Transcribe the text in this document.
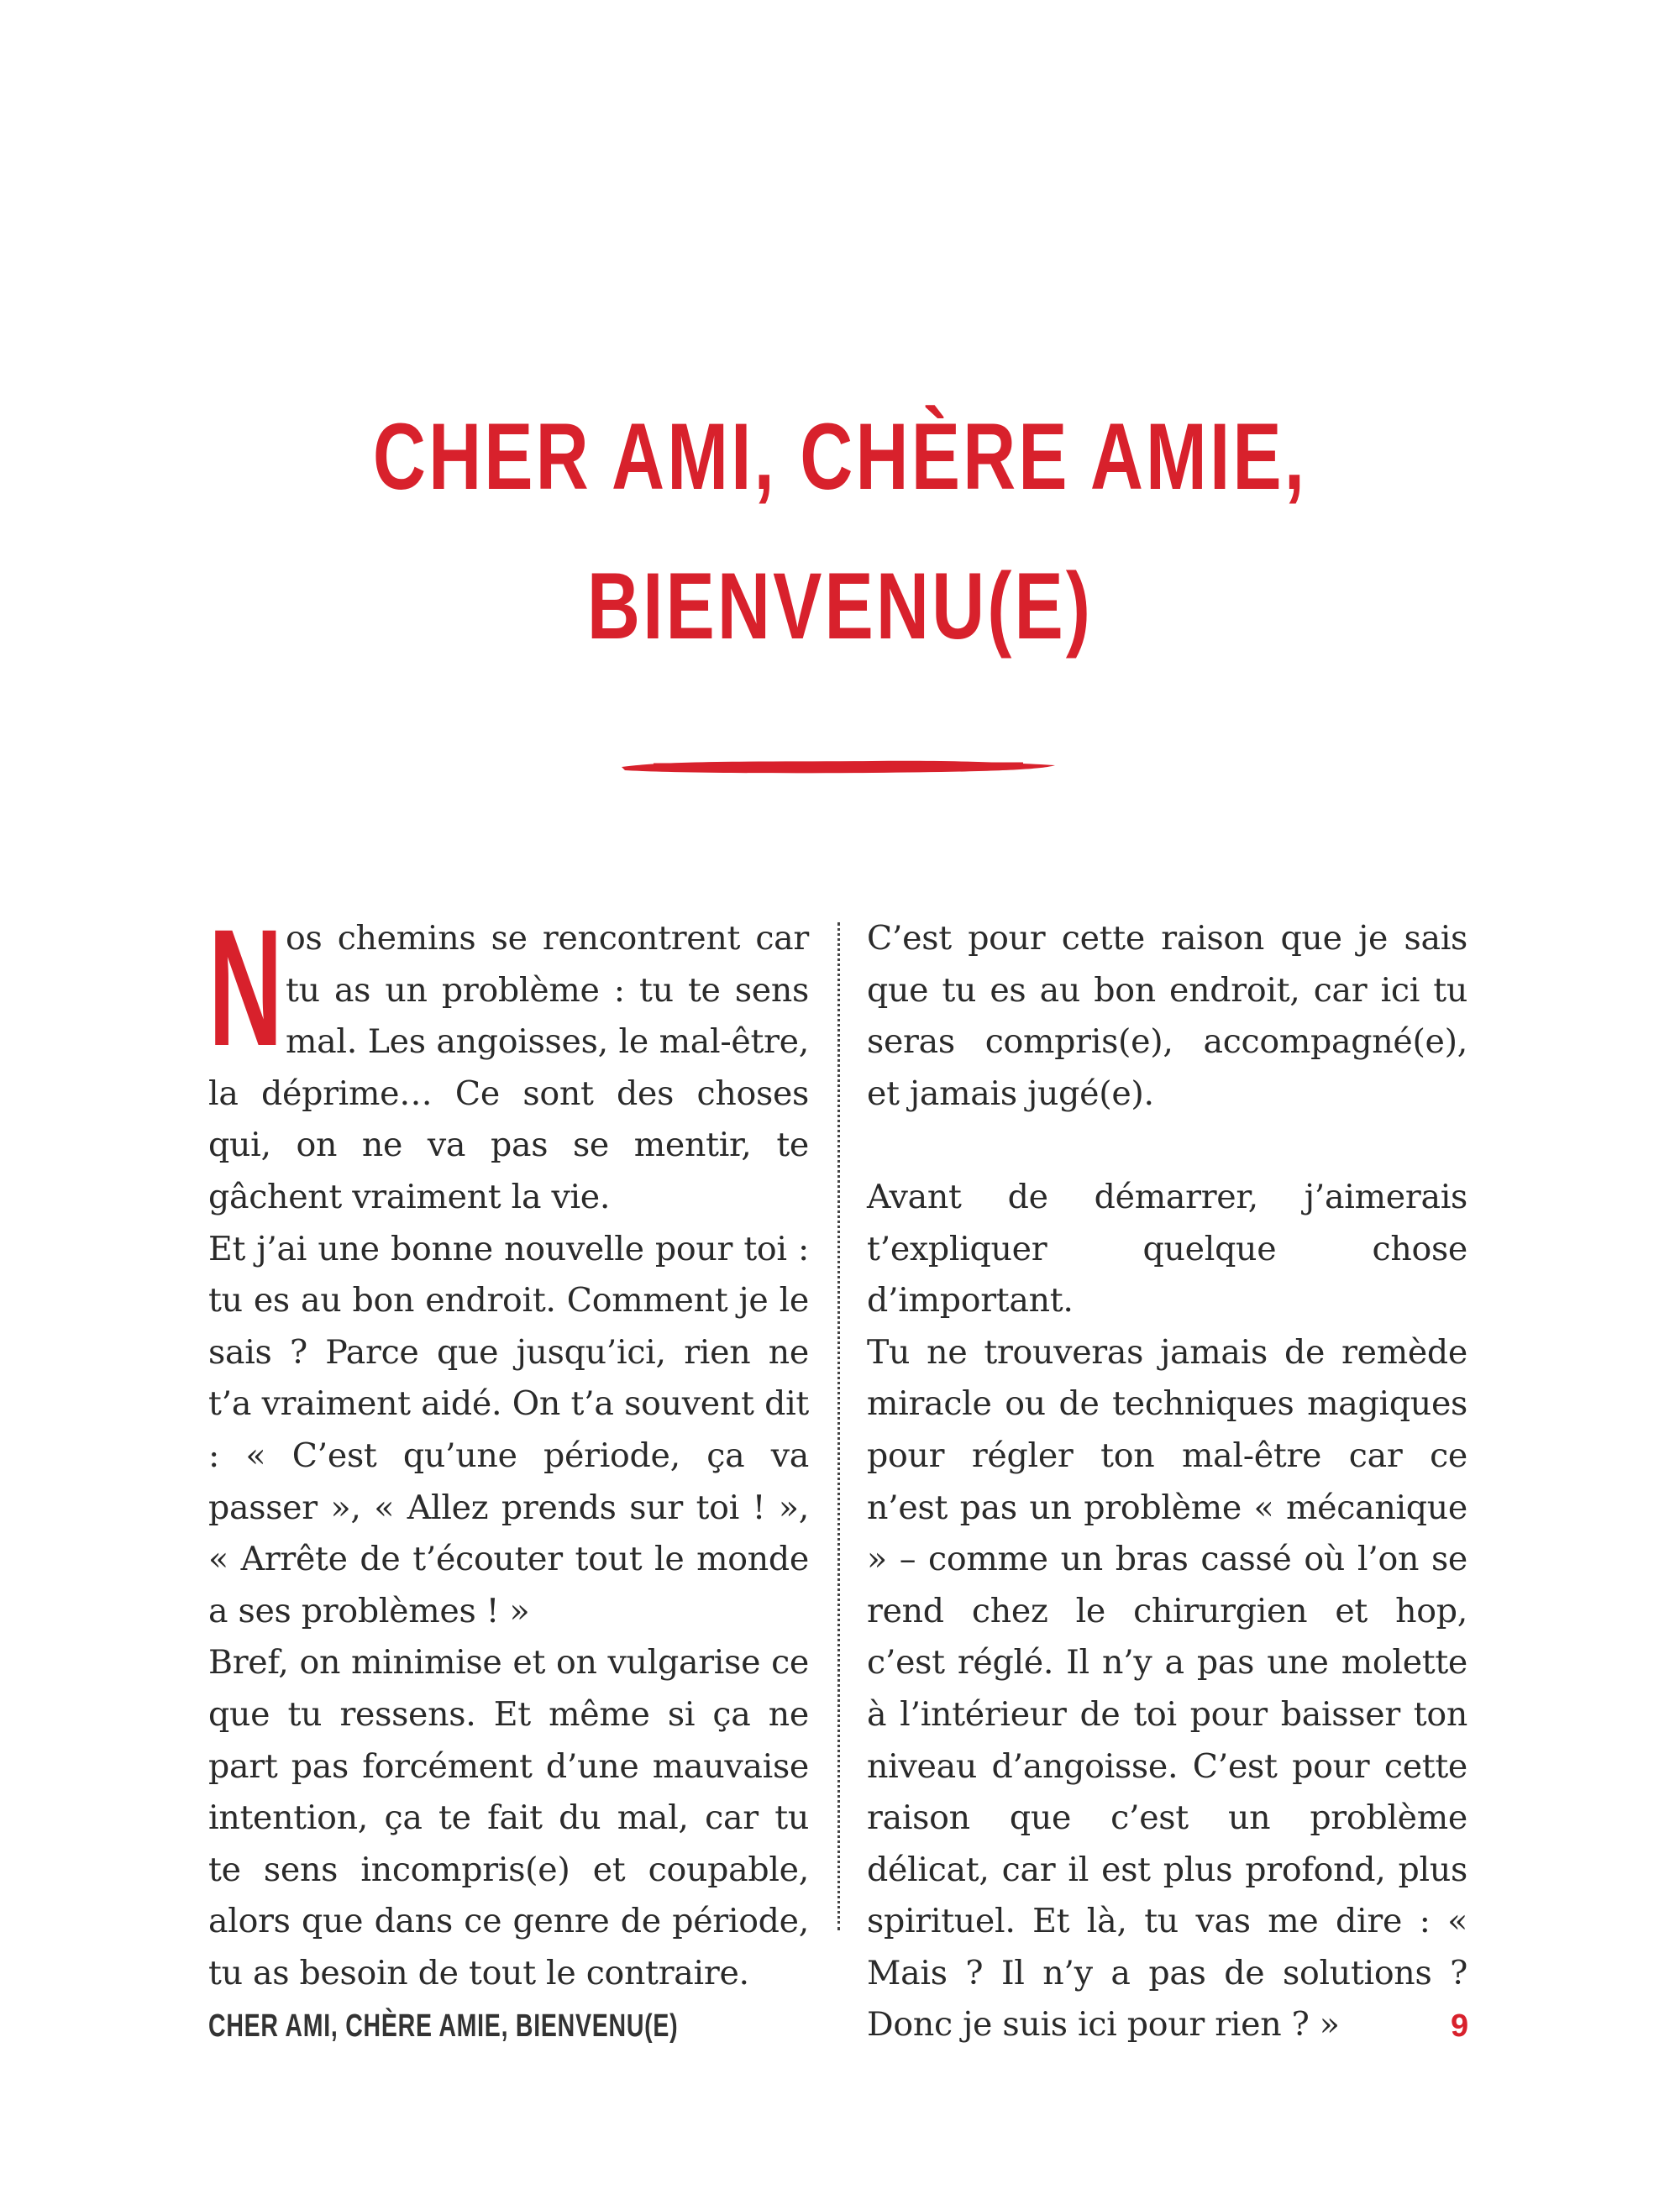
CHER AMI, CHÈRE AMIE,
BIENVENU(E)

Nos chemins se rencontrent car tu as un problème : tu te sens mal. Les angoisses, le mal-être, la déprime… Ce sont des choses qui, on ne va pas se mentir, te gâchent vraiment la vie.

Et j’ai une bonne nouvelle pour toi : tu es au bon endroit. Comment je le sais ? Parce que jusqu’ici, rien ne t’a vraiment aidé. On t’a souvent dit : « C’est qu’une période, ça va passer », « Allez prends sur toi ! », « Arrête de t’écouter tout le monde a ses problèmes ! »

Bref, on minimise et on vulgarise ce que tu ressens. Et même si ça ne part pas forcément d’une mauvaise intention, ça te fait du mal, car tu te sens incompris(e) et coupable, alors que dans ce genre de période, tu as besoin de tout le contraire.

C’est pour cette raison que je sais que tu es au bon endroit, car ici tu seras compris(e), accompagné(e), et jamais jugé(e).

Avant de démarrer, j’aimerais t’expliquer quelque chose d’important.

Tu ne trouveras jamais de remède miracle ou de techniques magiques pour régler ton mal-être car ce n’est pas un problème « mécanique » – comme un bras cassé où l’on se rend chez le chirurgien et hop, c’est réglé. Il n’y a pas une molette à l’intérieur de toi pour baisser ton niveau d’angoisse. C’est pour cette raison que c’est un problème délicat, car il est plus profond, plus spirituel. Et là, tu vas me dire : « Mais ? Il n’y a pas de solutions ? Donc je suis ici pour rien ? »

CHER AMI, CHÈRE AMIE, BIENVENU(E)	9
